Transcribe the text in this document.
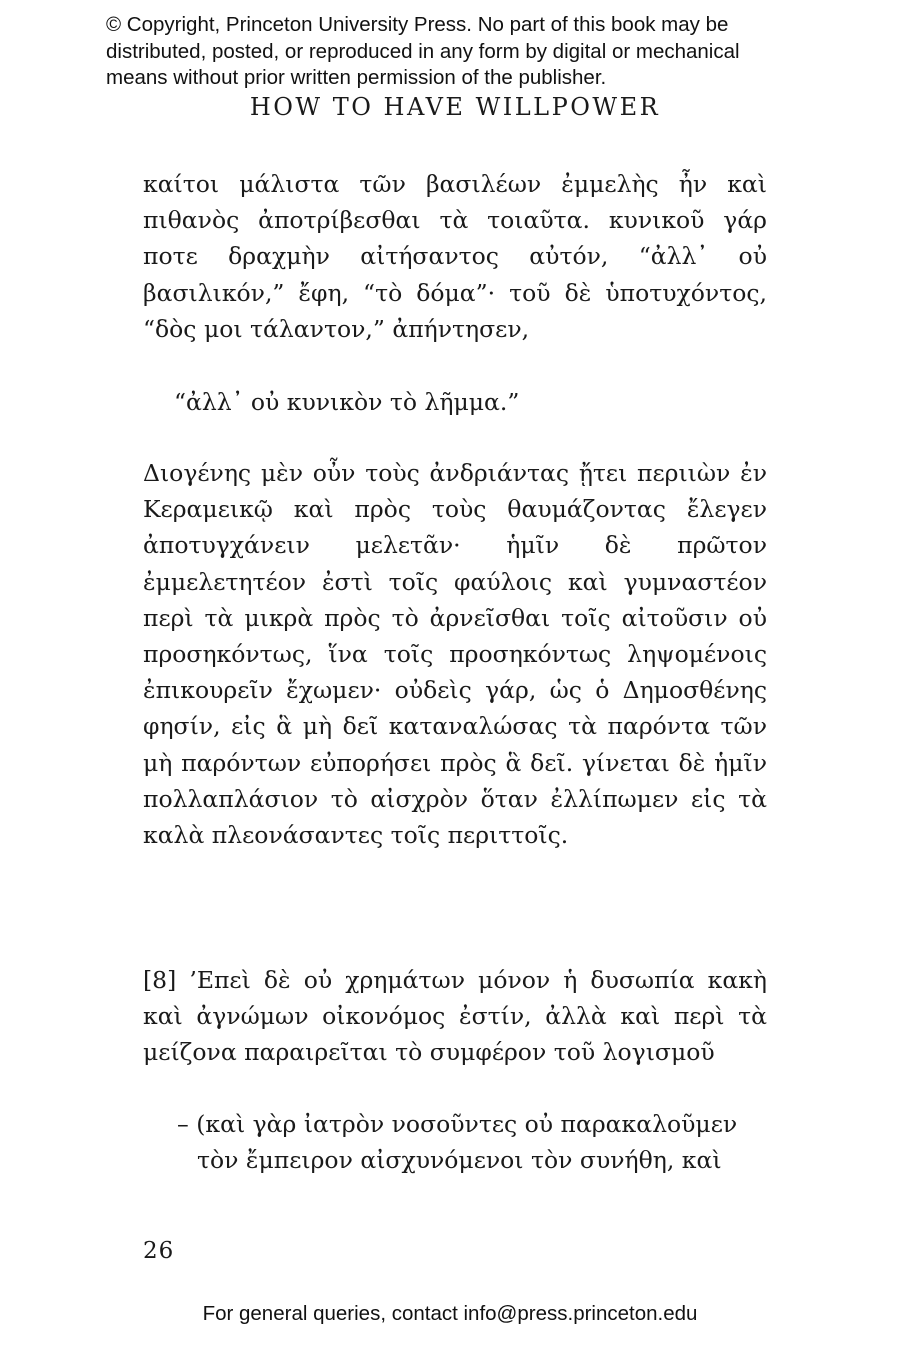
© Copyright, Princeton University Press. No part of this book may be
distributed, posted, or reproduced in any form by digital or mechanical
means without prior written permission of the publisher.
HOW TO HAVE WILLPOWER
καίτοι μάλιστα τῶν βασιλέων ἐμμελὴς ἦν καὶ πιθανὸς ἀποτρίβεσθαι τὰ τοιαῦτα. κυνικοῦ γάρ ποτε δραχμὴν αἰτήσαντος αὐτόν, “ἀλλ᾽ οὐ βασιλικόν,” ἔφη, “τὸ δόμα”· τοῦ δὲ ὑποτυχόντος, “δὸς μοι τάλαντον,” ἀπήντησεν,
“ἀλλ᾽ οὐ κυνικὸν τὸ λῆμμα.”
Διογένης μὲν οὖν τοὺς ἀνδριάντας ᾔτει περιιὼν ἐν Κεραμεικῷ καὶ πρὸς τοὺς θαυμάζοντας ἔλεγεν ἀποτυγχάνειν μελετᾶν· ἡμῖν δὲ πρῶτον ἐμμελετητέον ἐστὶ τοῖς φαύλοις καὶ γυμναστέον περὶ τὰ μικρὰ πρὸς τὸ ἀρνεῖσθαι τοῖς αἰτοῦσιν οὐ προσηκόντως, ἵνα τοῖς προσηκόντως ληψομένοις ἐπικουρεῖν ἔχωμεν· οὐδεὶς γάρ, ὡς ὁ Δημοσθένης φησίν, εἰς ἃ μὴ δεῖ καταναλώσας τὰ παρόντα τῶν μὴ παρόντων εὐπορήσει πρὸς ἃ δεῖ. γίνεται δὲ ἡμῖν πολλαπλάσιον τὸ αἰσχρὸν ὅταν ἐλλίπωμεν εἰς τὰ καλὰ πλεονάσαντες τοῖς περιττοῖς.
[8] ’Επεὶ δὲ οὐ χρημάτων μόνον ἡ δυσωπία κακὴ καὶ ἀγνώμων οἰκονόμος ἐστίν, ἀλλὰ καὶ περὶ τὰ μείζονα παραιρεῖται τὸ συμφέρον τοῦ λογισμοῦ
– (καὶ γὰρ ἰατρὸν νοσοῦντες οὐ παρακαλοῦμεν
τὸν ἔμπειρον αἰσχυνόμενοι τὸν συνήθη, καὶ
26
For general queries, contact info@press.princeton.edu
